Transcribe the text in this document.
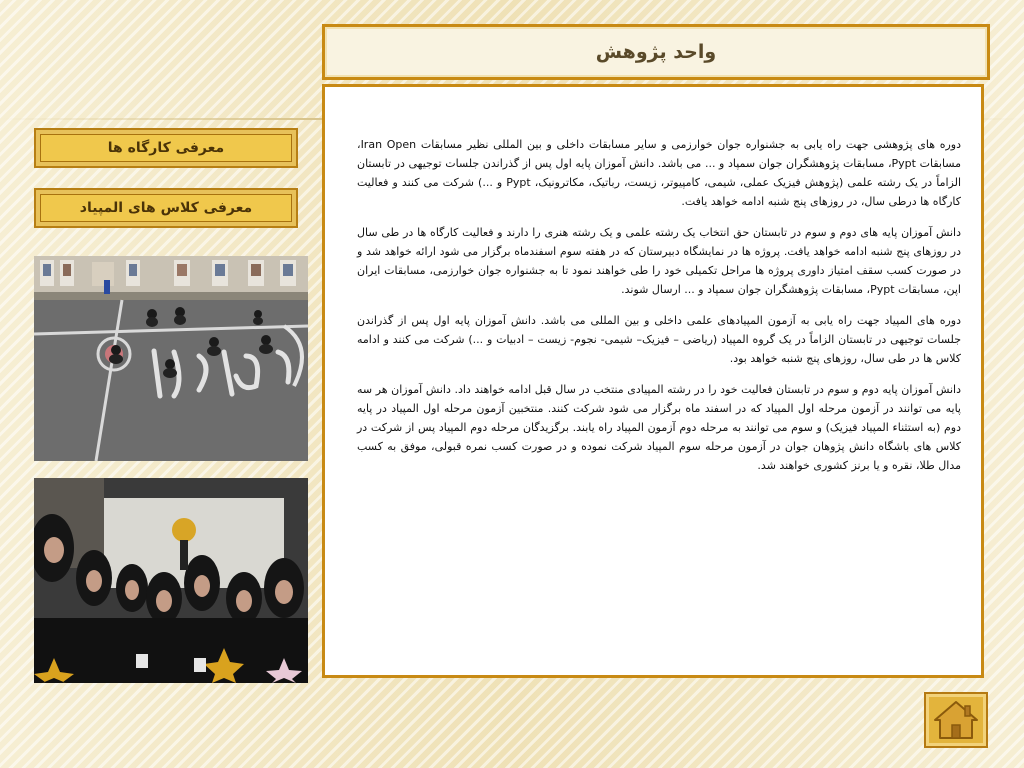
واحد پژوهش
معرفی کارگاه ها
معرفی کلاس های المپیاد

دوره های پژوهشی جهت راه یابی به جشنواره جوان خوارزمی و سایر مسابقات داخلی و بین المللی نظیر مسابقات Iran Open، مسابقات Pypt، مسابقات پژوهشگران جوان سمپاد و ... می باشد. دانش آموزان پایه اول پس از گذراندن جلسات توجیهی در تابستان الزاماً در یک رشته علمی (پژوهش فیزیک عملی، شیمی، کامپیوتر، زیست، رباتیک، مکاترونیک، Pypt و ...) شرکت می کنند و فعالیت کارگاه ها درطی سال، در روزهای پنج شنبه ادامه خواهد یافت.

دانش آموزان پایه های دوم و سوم در تابستان حق انتخاب یک رشته علمی و یک رشته هنری را دارند و فعالیت کارگاه ها در طی سال در روزهای پنج شنبه ادامه خواهد یافت. پروژه ها در نمایشگاه دبیرستان که در هفته سوم اسفندماه برگزار می شود ارائه خواهد شد و در صورت کسب سقف امتیاز داوری پروژه ها مراحل تکمیلی خود را طی خواهند نمود تا به جشنواره جوان خوارزمی، مسابقات ایران اپن، مسابقات Pypt، مسابقات پژوهشگران جوان سمپاد و ... ارسال شوند.

دوره های المپیاد جهت راه یابی به آزمون المپیادهای علمی داخلی و بین المللی می باشد. دانش آموزان پایه اول پس از گذراندن جلسات توجیهی در تابستان الزاماً در یک گروه المپیاد (ریاضی – فیزیک– شیمی- نجوم- زیست – ادبیات و ...) شرکت می کنند و ادامه کلاس ها در طی سال، روزهای پنج شنبه خواهد بود.

دانش آموزان پایه دوم و سوم در تابستان فعالیت خود را در رشته المپیادی منتخب در سال قبل ادامه خواهند داد. دانش آموزان هر سه پایه می توانند در آزمون مرحله اول المپیاد که در اسفند ماه برگزار می شود شرکت کنند. منتخبین آزمون مرحله اول المپیاد در پایه دوم (به استثناء المپیاد فیزیک) و سوم می توانند به مرحله دوم آزمون المپیاد راه یابند. برگزیدگان مرحله دوم المپیاد پس از شرکت در کلاس های باشگاه دانش پژوهان جوان در آزمون مرحله سوم المپیاد شرکت نموده و در صورت کسب نمره قبولی، موفق به کسب مدال طلا، نقره و یا برنز کشوری خواهند شد.
